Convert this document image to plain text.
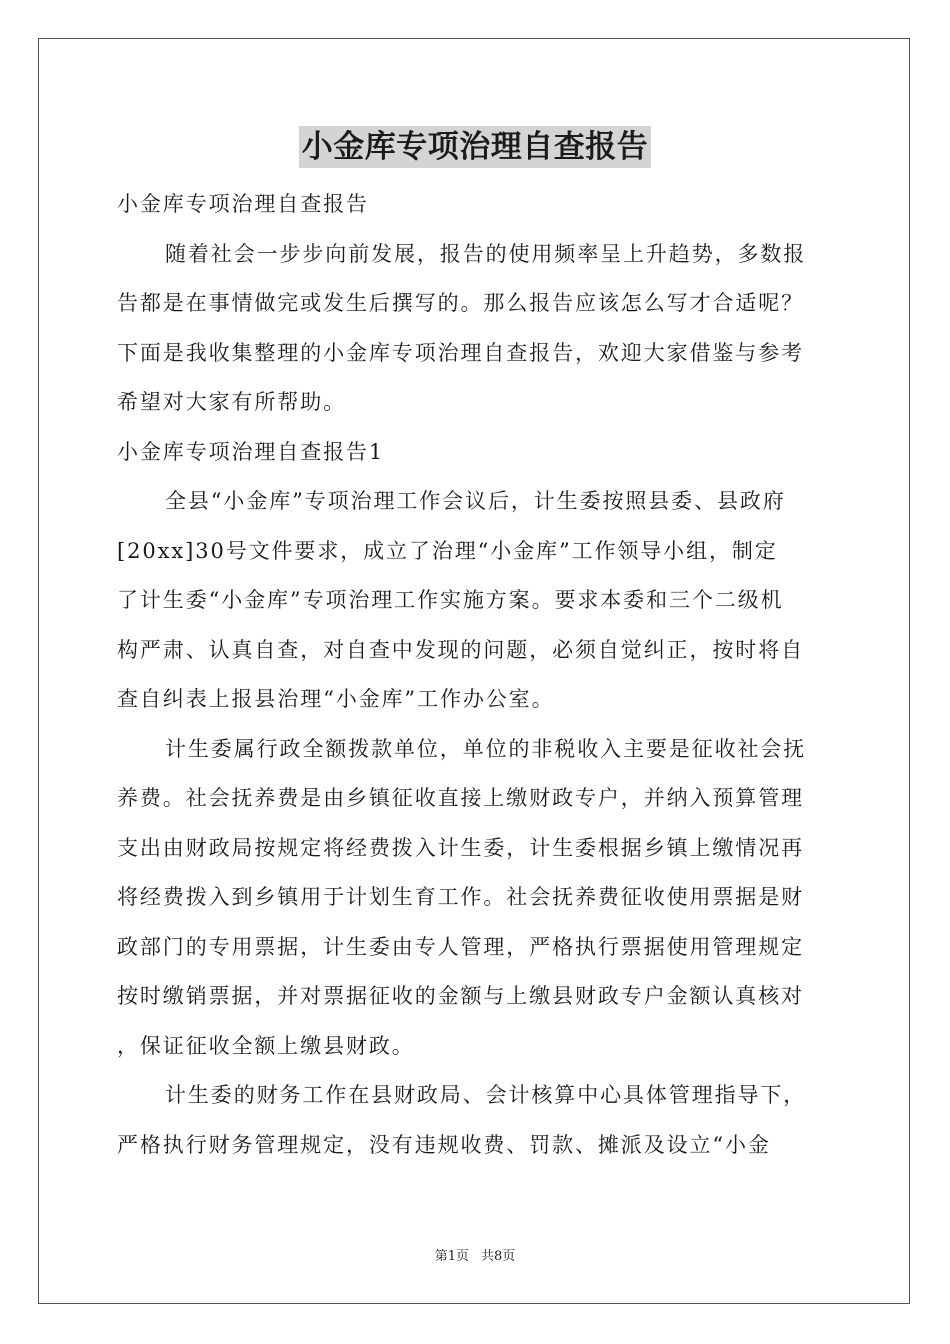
小金库专项治理自查报告
小金库专项治理自查报告
随着社会一步步向前发展，报告的使用频率呈上升趋势，多数报
告都是在事情做完或发生后撰写的。那么报告应该怎么写才合适呢？
下面是我收集整理的小金库专项治理自查报告，欢迎大家借鉴与参考
希望对大家有所帮助。
小金库专项治理自查报告1
全县“小金库”专项治理工作会议后，计生委按照县委、县政府
[20xx]30号文件要求，成立了治理“小金库”工作领导小组，制定
了计生委“小金库”专项治理工作实施方案。要求本委和三个二级机
构严肃、认真自查，对自查中发现的问题，必须自觉纠正，按时将自
查自纠表上报县治理“小金库”工作办公室。
计生委属行政全额拨款单位，单位的非税收入主要是征收社会抚
养费。社会抚养费是由乡镇征收直接上缴财政专户，并纳入预算管理
支出由财政局按规定将经费拨入计生委，计生委根据乡镇上缴情况再
将经费拨入到乡镇用于计划生育工作。社会抚养费征收使用票据是财
政部门的专用票据，计生委由专人管理，严格执行票据使用管理规定
按时缴销票据，并对票据征收的金额与上缴县财政专户金额认真核对
，保证征收全额上缴县财政。
计生委的财务工作在县财政局、会计核算中心具体管理指导下，
严格执行财务管理规定，没有违规收费、罚款、摊派及设立“小金
第1页 共8页
